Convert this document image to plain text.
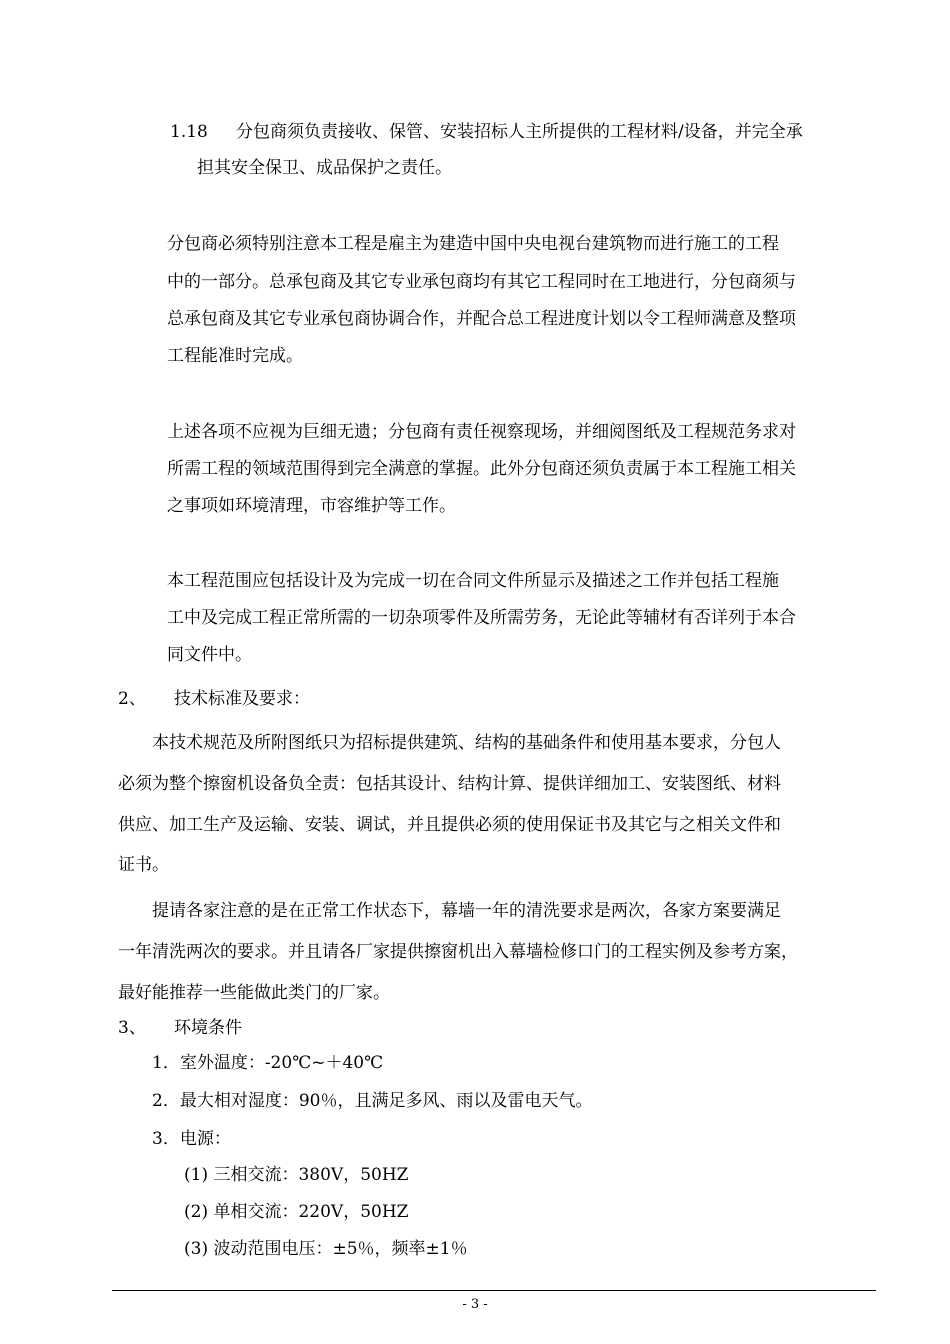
1.18 分包商须负责接收、保管、安装招标人主所提供的工程材料/设备，并完全承
担其安全保卫、成品保护之责任。
分包商必须特别注意本工程是雇主为建造中国中央电视台建筑物而进行施工的工程
中的一部分。总承包商及其它专业承包商均有其它工程同时在工地进行，分包商须与
总承包商及其它专业承包商协调合作，并配合总工程进度计划以令工程师满意及整项
工程能准时完成。
上述各项不应视为巨细无遗；分包商有责任视察现场，并细阅图纸及工程规范务求对
所需工程的领域范围得到完全满意的掌握。此外分包商还须负责属于本工程施工相关
之事项如环境清理，市容维护等工作。
本工程范围应包括设计及为完成一切在合同文件所显示及描述之工作并包括工程施
工中及完成工程正常所需的一切杂项零件及所需劳务，无论此等辅材有否详列于本合
同文件中。
2、 技术标准及要求：
本技术规范及所附图纸只为招标提供建筑、结构的基础条件和使用基本要求，分包人
必须为整个擦窗机设备负全责：包括其设计、结构计算、提供详细加工、安装图纸、材料
供应、加工生产及运输、安装、调试，并且提供必须的使用保证书及其它与之相关文件和
证书。
提请各家注意的是在正常工作状态下，幕墙一年的清洗要求是两次，各家方案要满足
一年清洗两次的要求。并且请各厂家提供擦窗机出入幕墙检修口门的工程实例及参考方案，
最好能推荐一些能做此类门的厂家。
3、 环境条件
1．室外温度：-20℃~＋40℃
2．最大相对湿度：90％，且满足多风、雨以及雷电天气。
3．电源：
(1) 三相交流：380V，50HZ
(2) 单相交流：220V，50HZ
(3) 波动范围电压：±5％，频率±1％
- 3 -
